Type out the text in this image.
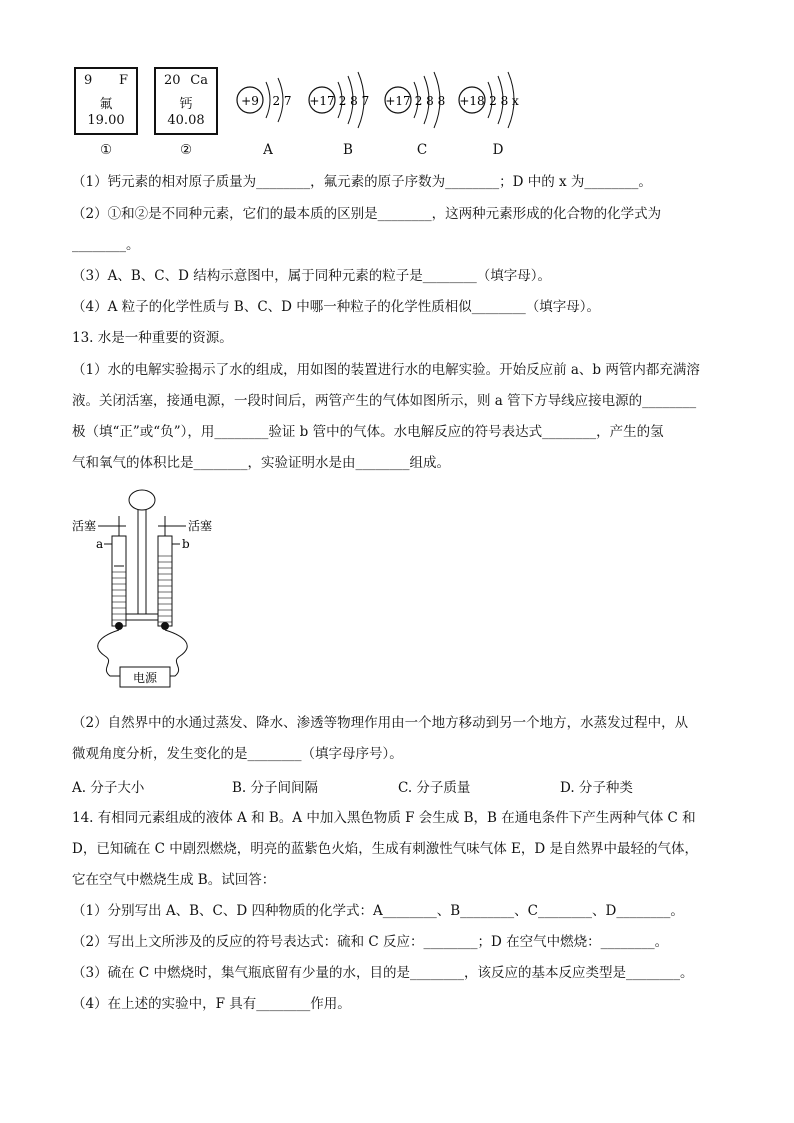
9 F
氟
19.00
20 Ca
钙
40.08
①	②
+9 2 7 +17 2 8 7 +17 2 8 8 +18 2 8 x
A	B	C	D
（1）钙元素的相对原子质量为________，氟元素的原子序数为________；D 中的 x 为________。
（2）①和②是不同种元素，它们的最本质的区别是________，这两种元素形成的化合物的化学式为
________。
（3）A、B、C、D 结构示意图中，属于同种元素的粒子是________（填字母）。
（4）A 粒子的化学性质与 B、C、D 中哪一种粒子的化学性质相似________（填字母）。
13. 水是一种重要的资源。
（1）水的电解实验揭示了水的组成，用如图的装置进行水的电解实验。开始反应前 a、b 两管内都充满溶
液。关闭活塞，接通电源，一段时间后，两管产生的气体如图所示，则 a 管下方导线应接电源的________
极（填“正”或“负”），用________验证 b 管中的气体。水电解反应的符号表达式________，产生的氢
气和氧气的体积比是________，实验证明水是由________组成。
电源
活塞
a
活塞
b
（2）自然界中的水通过蒸发、降水、渗透等物理作用由一个地方移动到另一个地方，水蒸发过程中，从
微观角度分析，发生变化的是________（填字母序号）。
A. 分子大小	B. 分子间间隔	C. 分子质量	D. 分子种类
14. 有相同元素组成的液体 A 和 B。A 中加入黑色物质 F 会生成 B，B 在通电条件下产生两种气体 C 和
D，已知硫在 C 中剧烈燃烧，明亮的蓝紫色火焰，生成有刺激性气味气体 E，D 是自然界中最轻的气体，
它在空气中燃烧生成 B。试回答：
（1）分别写出 A、B、C、D 四种物质的化学式：A________、B________、C________、D________。
（2）写出上文所涉及的反应的符号表达式：硫和 C 反应：________；D 在空气中燃烧：________。
（3）硫在 C 中燃烧时，集气瓶底留有少量的水，目的是________，该反应的基本反应类型是________。
（4）在上述的实验中，F 具有________作用。
